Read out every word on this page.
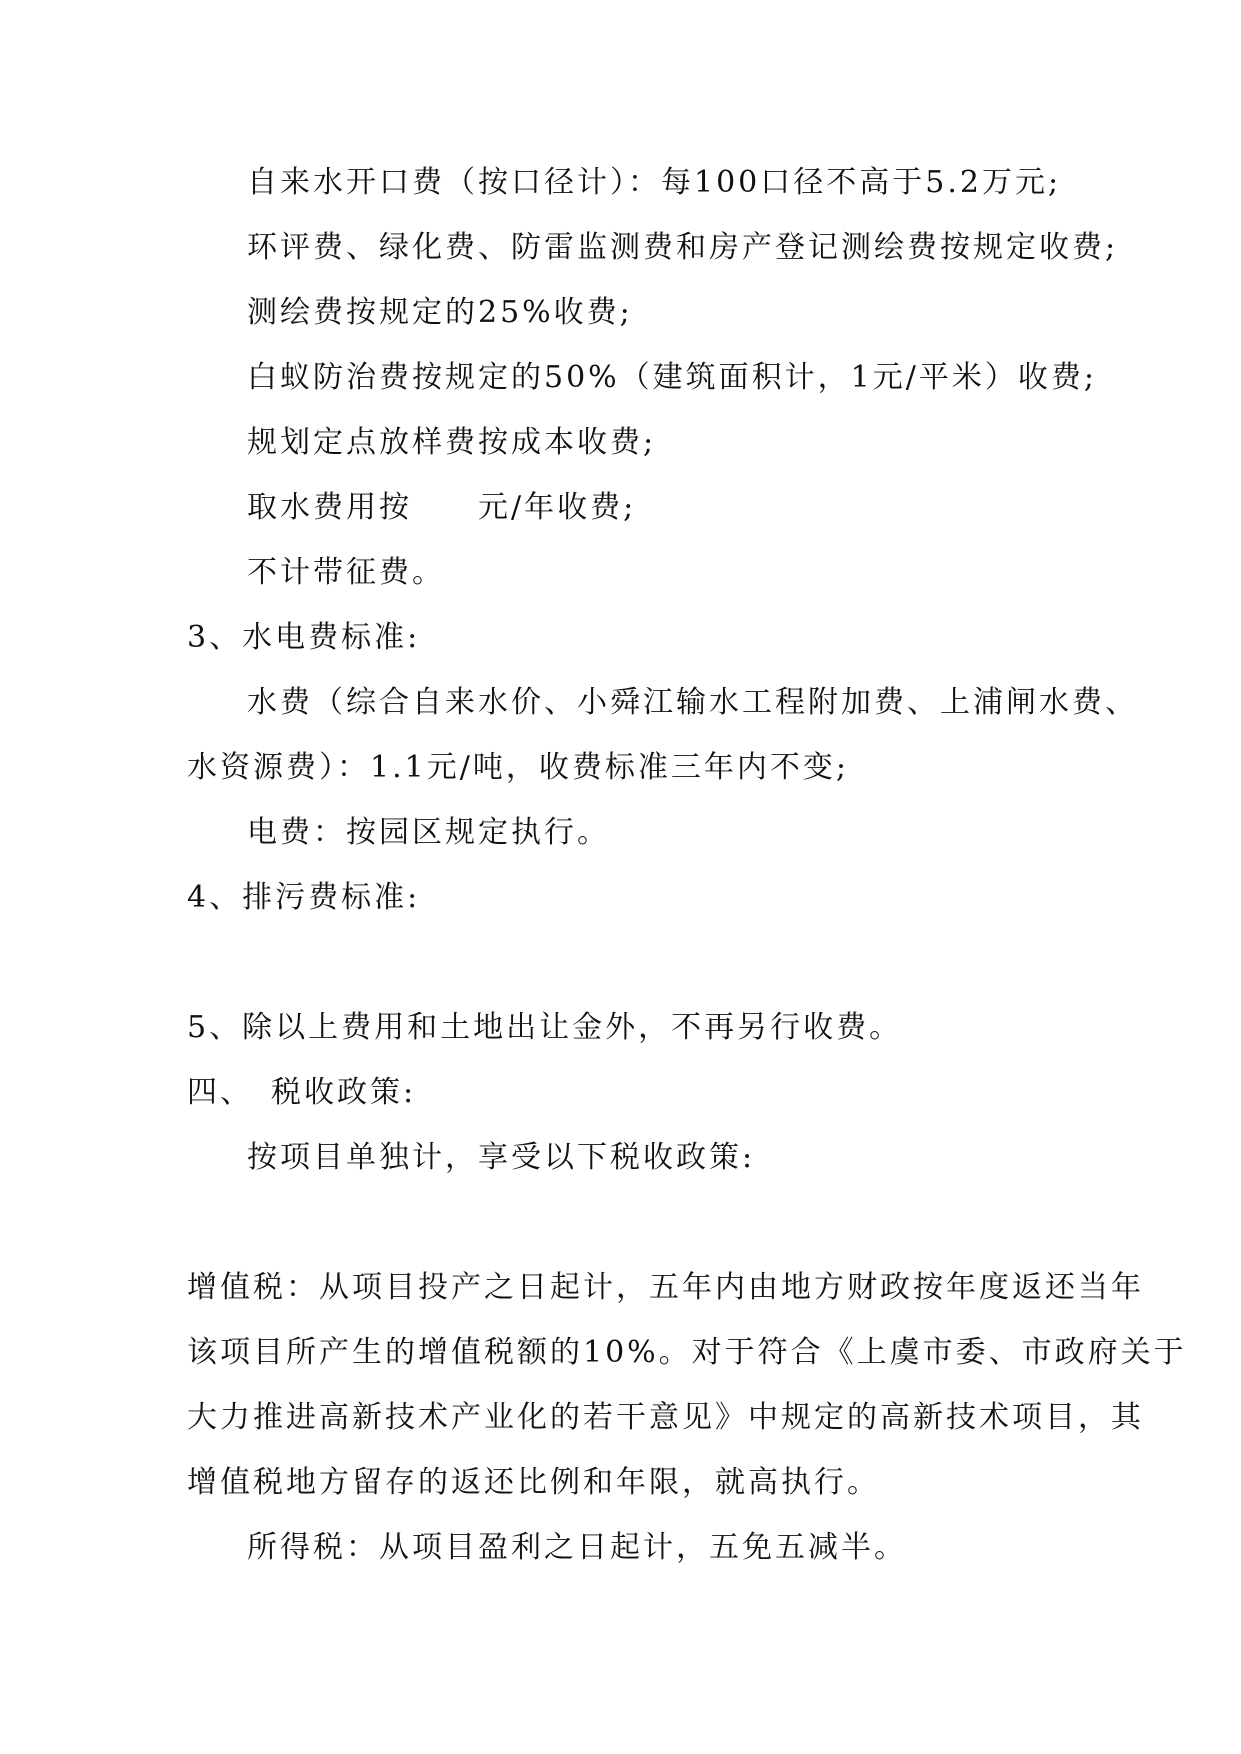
自来水开口费（按口径计）：每100口径不高于5.2万元;
环评费、绿化费、防雷监测费和房产登记测绘费按规定收费;
测绘费按规定的25%收费;
白蚁防治费按规定的50%（建筑面积计，1元/平米）收费;
规划定点放样费按成本收费;
取水费用按　　元/年收费;
不计带征费。
3、水电费标准:
水费（综合自来水价、小舜江输水工程附加费、上浦闸水费、
水资源费）：1.1元/吨，收费标准三年内不变;
电费：按园区规定执行。
4、排污费标准:
5、除以上费用和土地出让金外，不再另行收费。
四、　税收政策:
按项目单独计，享受以下税收政策:
增值税：从项目投产之日起计，五年内由地方财政按年度返还当年
该项目所产生的增值税额的10%。对于符合《上虞市委、市政府关于
大力推进高新技术产业化的若干意见》中规定的高新技术项目，其
增值税地方留存的返还比例和年限，就高执行。
所得税：从项目盈利之日起计，五免五减半。
